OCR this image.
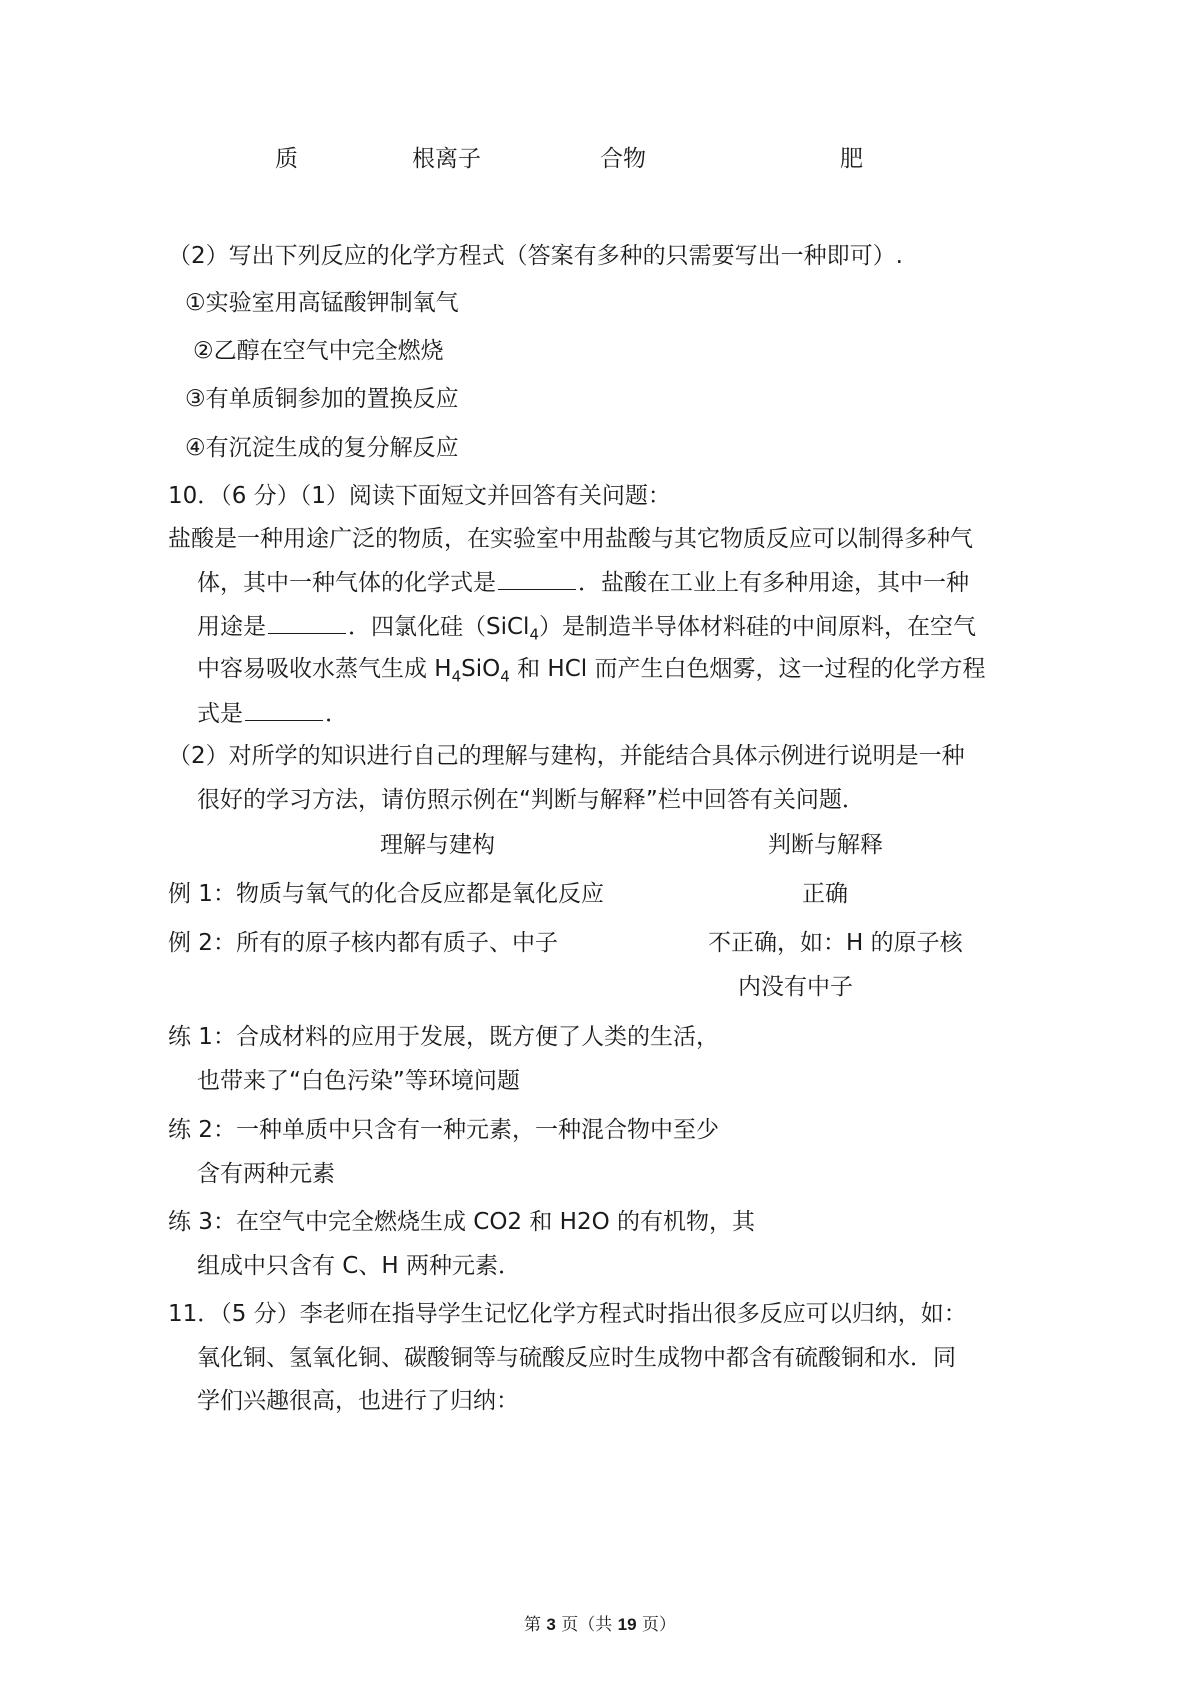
质	根离子	合物	肥
（2）写出下列反应的化学方程式（答案有多种的只需要写出一种即可）.
①实验室用高锰酸钾制氧气
②乙醇在空气中完全燃烧
③有单质铜参加的置换反应
④有沉淀生成的复分解反应
10．（6 分）（1）阅读下面短文并回答有关问题：
盐酸是一种用途广泛的物质，在实验室中用盐酸与其它物质反应可以制得多种气
体，其中一种气体的化学式是	．盐酸在工业上有多种用途，其中一种
用途是	．四氯化硅（SiCl$_4$）是制造半导体材料硅的中间原料，在空气
中容易吸收水蒸气生成 $H_4SiO_4$ 和 HCl 而产生白色烟雾，这一过程的化学方程
式是	．
（2）对所学的知识进行自己的理解与建构，并能结合具体示例进行说明是一种
很好的学习方法，请仿照示例在“判断与解释”栏中回答有关问题．
理解与建构	判断与解释
例 1：物质与氧气的化合反应都是氧化反应	正确
例 2：所有的原子核内都有质子、中子	不正确，如：H 的原子核
内没有中子
练 1：合成材料的应用于发展，既方便了人类的生活，
也带来了“白色污染”等环境问题
练 2：一种单质中只含有一种元素，一种混合物中至少
含有两种元素
练 3：在空气中完全燃烧生成 CO2 和 H2O 的有机物，其
组成中只含有 C、H 两种元素．
11．（5 分）李老师在指导学生记忆化学方程式时指出很多反应可以归纳，如：
氧化铜、氢氧化铜、碳酸铜等与硫酸反应时生成物中都含有硫酸铜和水．同
学们兴趣很高，也进行了归纳：
第 3 页（共 19 页）
